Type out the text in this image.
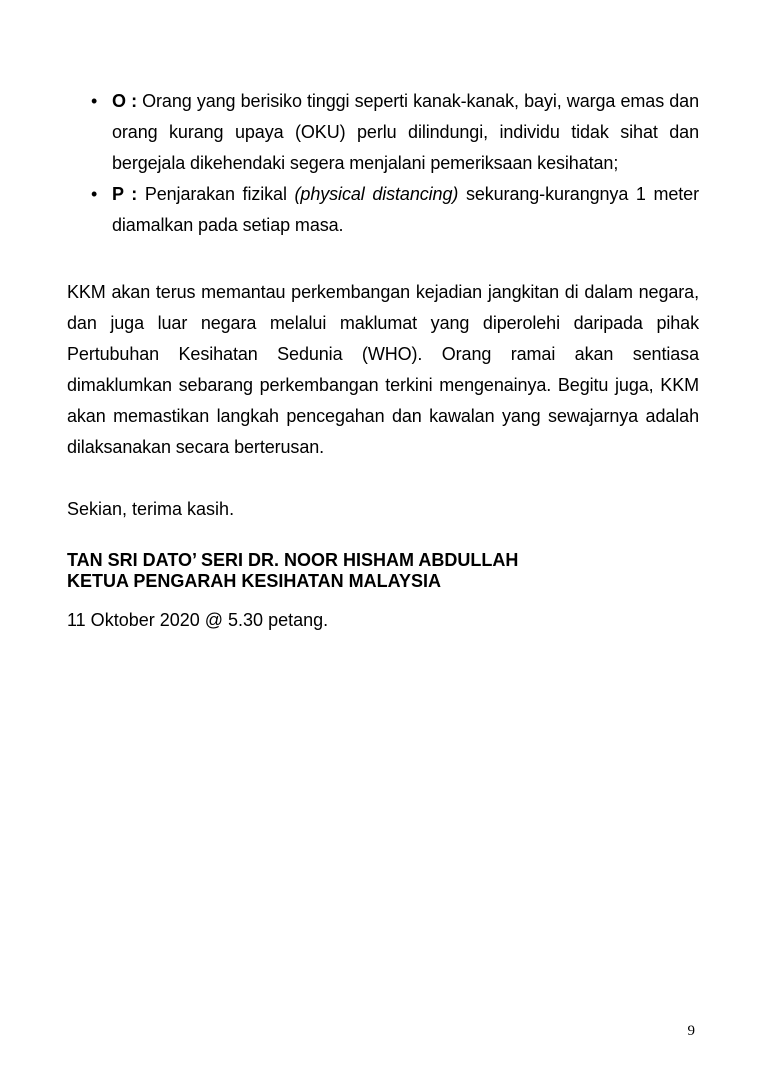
• O : Orang yang berisiko tinggi seperti kanak-kanak, bayi, warga emas dan orang kurang upaya (OKU) perlu dilindungi, individu tidak sihat dan bergejala dikehendaki segera menjalani pemeriksaan kesihatan;
• P : Penjarakan fizikal (physical distancing) sekurang-kurangnya 1 meter diamalkan pada setiap masa.

KKM akan terus memantau perkembangan kejadian jangkitan di dalam negara, dan juga luar negara melalui maklumat yang diperolehi daripada pihak Pertubuhan Kesihatan Sedunia (WHO). Orang ramai akan sentiasa dimaklumkan sebarang perkembangan terkini mengenainya. Begitu juga, KKM akan memastikan langkah pencegahan dan kawalan yang sewajarnya adalah dilaksanakan secara berterusan.

Sekian, terima kasih.

TAN SRI DATO’ SERI DR. NOOR HISHAM ABDULLAH
KETUA PENGARAH KESIHATAN MALAYSIA

11 Oktober 2020 @ 5.30 petang.

9
